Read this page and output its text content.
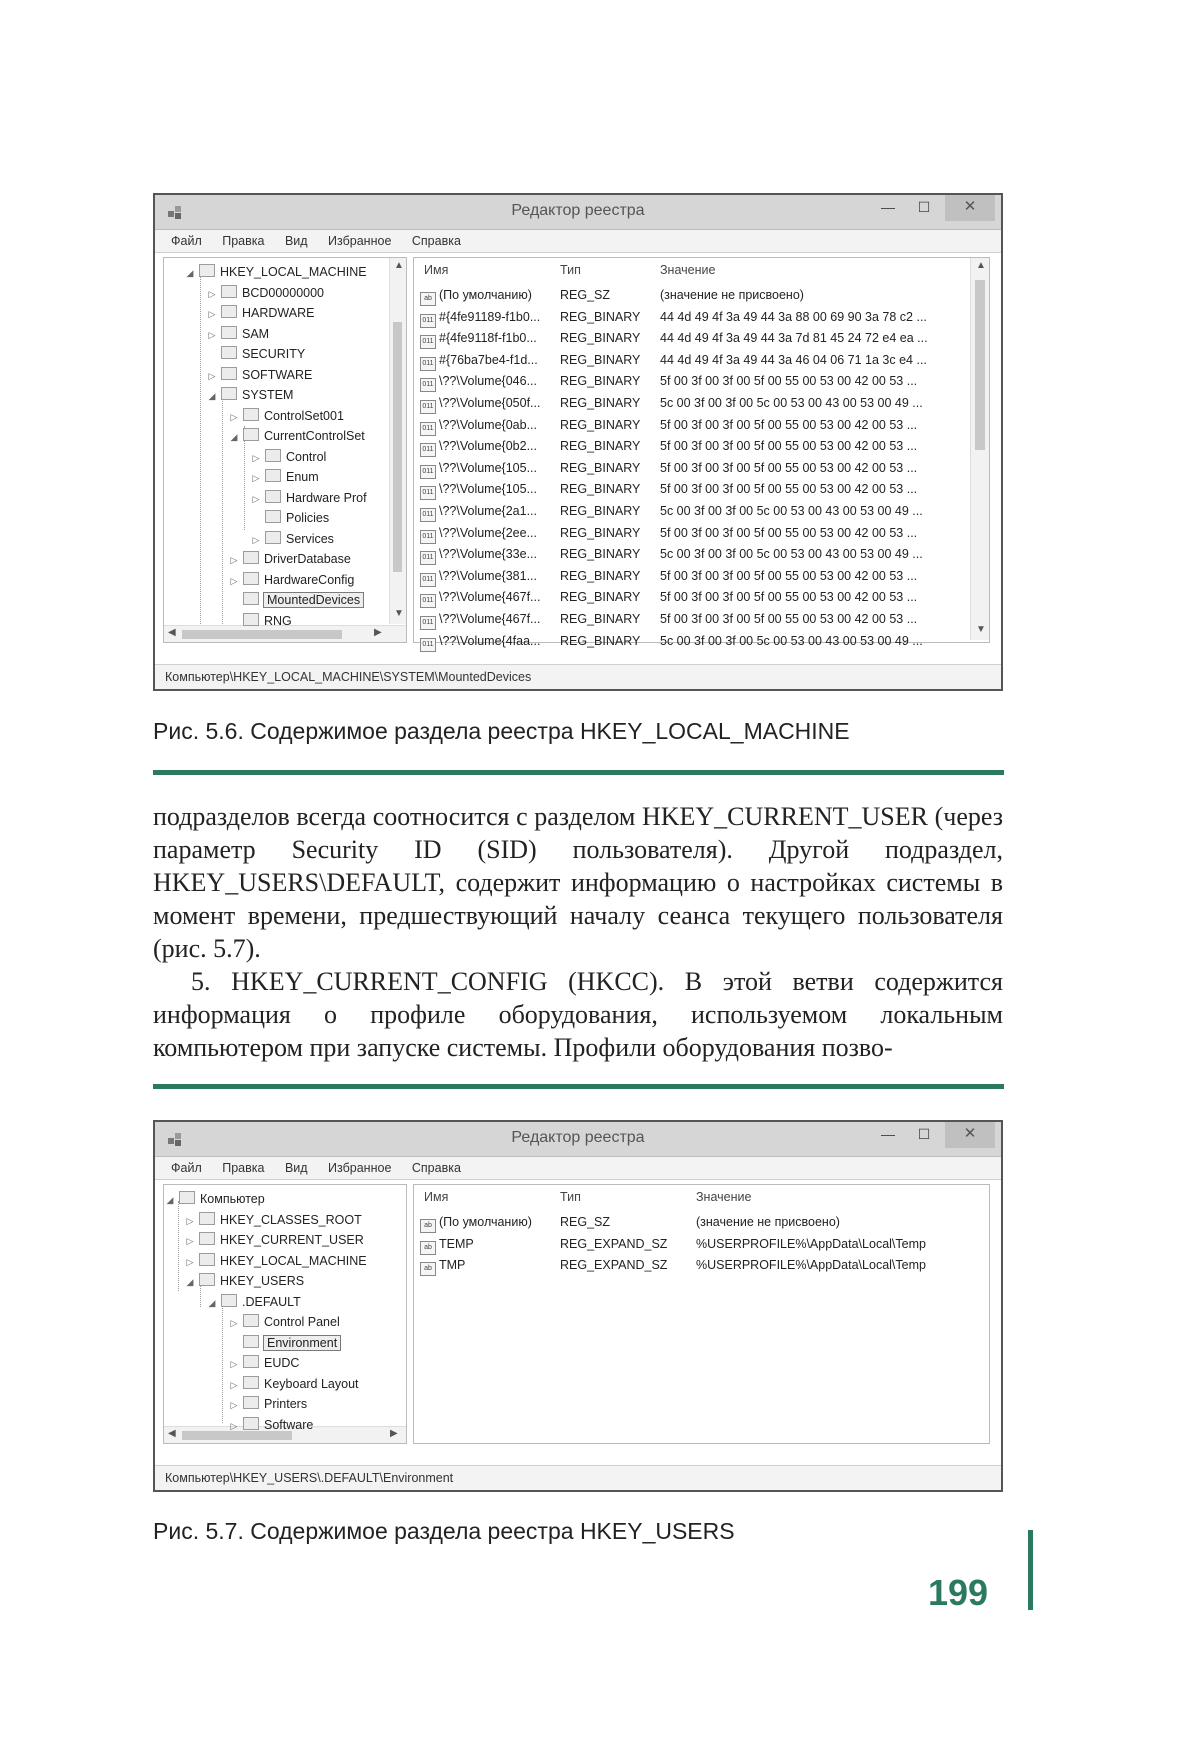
Редактор реестра	—	☐	✕
Файл Правка Вид Избранное Справка
▲
▼
◀	▶
◢ HKEY_LOCAL_MACHINE
▷ BCD00000000
▷ HARDWARE
▷ SAM
SECURITY
▷ SOFTWARE
◢ SYSTEM
▷ ControlSet001
◢ CurrentControlSet
▷ Control
▷ Enum
▷ Hardware Prof
Policies
▷ Services
▷ DriverDatabase
▷ HardwareConfig
MountedDevices
RNG
Имя	Тип	Значение	▲
▼
ab (По умолчанию)	REG_SZ	(значение не присвоено)
011 #{4fe91189-f1b0...	REG_BINARY	44 4d 49 4f 3a 49 44 3a 88 00 69 90 3a 78 c2 ...
011 #{4fe9118f-f1b0...	REG_BINARY	44 4d 49 4f 3a 49 44 3a 7d 81 45 24 72 e4 ea ...
011 #{76ba7be4-f1d...	REG_BINARY	44 4d 49 4f 3a 49 44 3a 46 04 06 71 1a 3c e4 ...
011 \??\Volume{046...	REG_BINARY	5f 00 3f 00 3f 00 5f 00 55 00 53 00 42 00 53 ...
011 \??\Volume{050f...	REG_BINARY	5c 00 3f 00 3f 00 5c 00 53 00 43 00 53 00 49 ...
011 \??\Volume{0ab...	REG_BINARY	5f 00 3f 00 3f 00 5f 00 55 00 53 00 42 00 53 ...
011 \??\Volume{0b2...	REG_BINARY	5f 00 3f 00 3f 00 5f 00 55 00 53 00 42 00 53 ...
011 \??\Volume{105...	REG_BINARY	5f 00 3f 00 3f 00 5f 00 55 00 53 00 42 00 53 ...
011 \??\Volume{105...	REG_BINARY	5f 00 3f 00 3f 00 5f 00 55 00 53 00 42 00 53 ...
011 \??\Volume{2a1...	REG_BINARY	5c 00 3f 00 3f 00 5c 00 53 00 43 00 53 00 49 ...
011 \??\Volume{2ee...	REG_BINARY	5f 00 3f 00 3f 00 5f 00 55 00 53 00 42 00 53 ...
011 \??\Volume{33e...	REG_BINARY	5c 00 3f 00 3f 00 5c 00 53 00 43 00 53 00 49 ...
011 \??\Volume{381...	REG_BINARY	5f 00 3f 00 3f 00 5f 00 55 00 53 00 42 00 53 ...
011 \??\Volume{467f...	REG_BINARY	5f 00 3f 00 3f 00 5f 00 55 00 53 00 42 00 53 ...
011 \??\Volume{467f...	REG_BINARY	5f 00 3f 00 3f 00 5f 00 55 00 53 00 42 00 53 ...
011 \??\Volume{4faa...	REG_BINARY	5c 00 3f 00 3f 00 5c 00 53 00 43 00 53 00 49 ...
Компьютер\HKEY_LOCAL_MACHINE\SYSTEM\MountedDevices
Рис. 5.6. Содержимое раздела реестра HKEY_LOCAL_MACHINE

подразделов всегда соотносится с разделом HKEY_CURRENT_USER (через параметр Security ID (SID) пользователя). Другой подраздел, HKEY_USERS\DEFAULT, содержит информацию о настройках системы в момент времени, предшествующий началу сеанса текущего пользователя (рис. 5.7).

5. HKEY_CURRENT_CONFIG (HKCC). В этой ветви содержится информация о профиле оборудования, используемом локальным компьютером при запуске системы. Профили оборудования позво-

Редактор реестра	—	☐	✕
Файл Правка Вид Избранное Справка
◀	▶
◢ Компьютер
▷ HKEY_CLASSES_ROOT
▷ HKEY_CURRENT_USER
▷ HKEY_LOCAL_MACHINE
◢ HKEY_USERS
◢ .DEFAULT
▷ Control Panel
Environment
▷ EUDC
▷ Keyboard Layout
▷ Printers
▷ Software
Имя	Тип	Значение
ab (По умолчанию)	REG_SZ	(значение не присвоено)
ab TEMP	REG_EXPAND_SZ	%USERPROFILE%\AppData\Local\Temp
ab TMP	REG_EXPAND_SZ	%USERPROFILE%\AppData\Local\Temp
Компьютер\HKEY_USERS\.DEFAULT\Environment
Рис. 5.7. Содержимое раздела реестра HKEY_USERS
199
